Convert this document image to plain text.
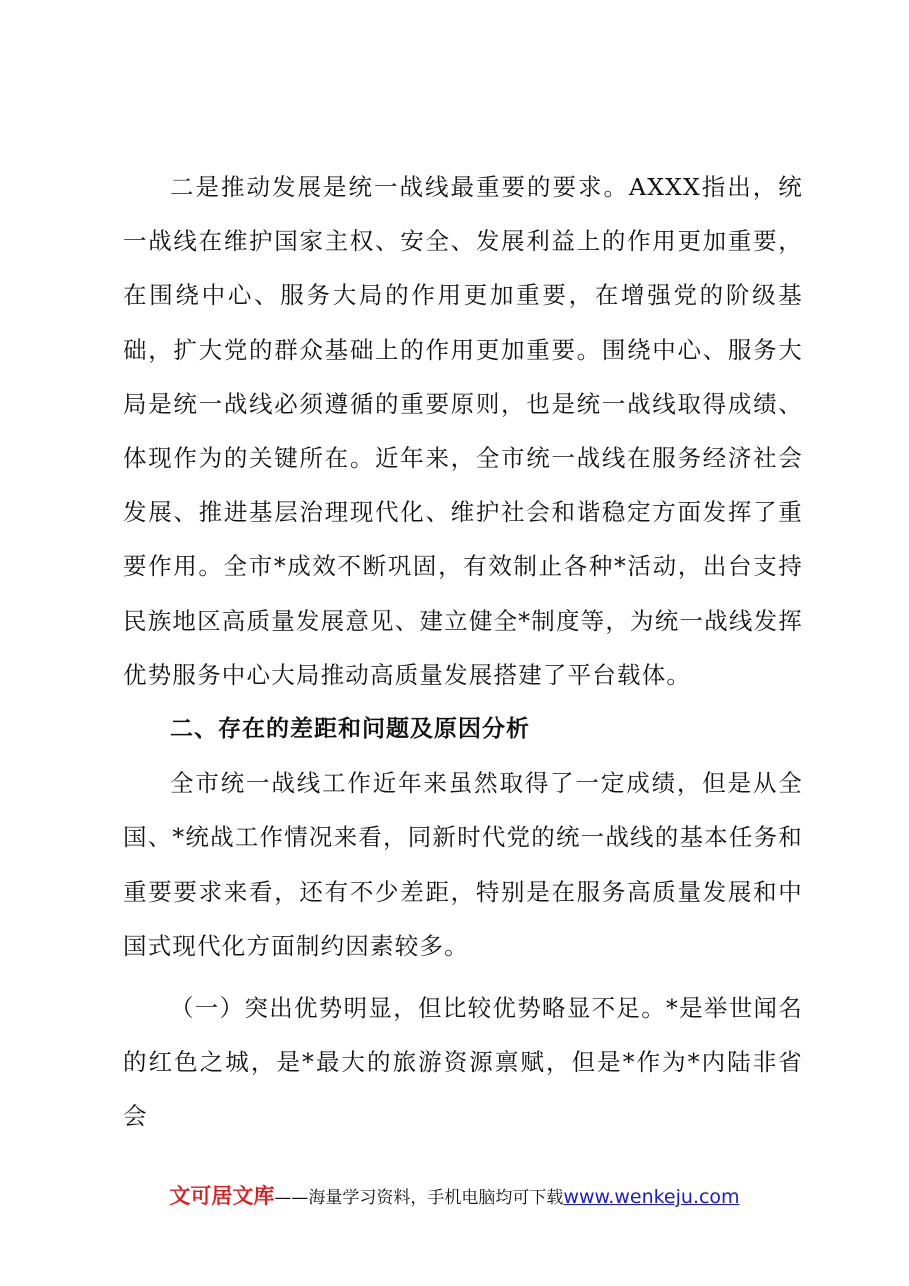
二是推动发展是统一战线最重要的要求。AXXX指出，统一战线在维护国家主权、安全、发展利益上的作用更加重要，在围绕中心、服务大局的作用更加重要，在增强党的阶级基础，扩大党的群众基础上的作用更加重要。围绕中心、服务大局是统一战线必须遵循的重要原则，也是统一战线取得成绩、体现作为的关键所在。近年来，全市统一战线在服务经济社会发展、推进基层治理现代化、维护社会和谐稳定方面发挥了重要作用。全市*成效不断巩固，有效制止各种*活动，出台支持民族地区高质量发展意见、建立健全*制度等，为统一战线发挥优势服务中心大局推动高质量发展搭建了平台载体。

二、存在的差距和问题及原因分析

全市统一战线工作近年来虽然取得了一定成绩，但是从全国、*统战工作情况来看，同新时代党的统一战线的基本任务和重要要求来看，还有不少差距，特别是在服务高质量发展和中国式现代化方面制约因素较多。

（一）突出优势明显，但比较优势略显不足。*是举世闻名的红色之城，是*最大的旅游资源禀赋，但是*作为*内陆非省会

文可居文库——海量学习资料，手机电脑均可下载www.wenkeju.com
